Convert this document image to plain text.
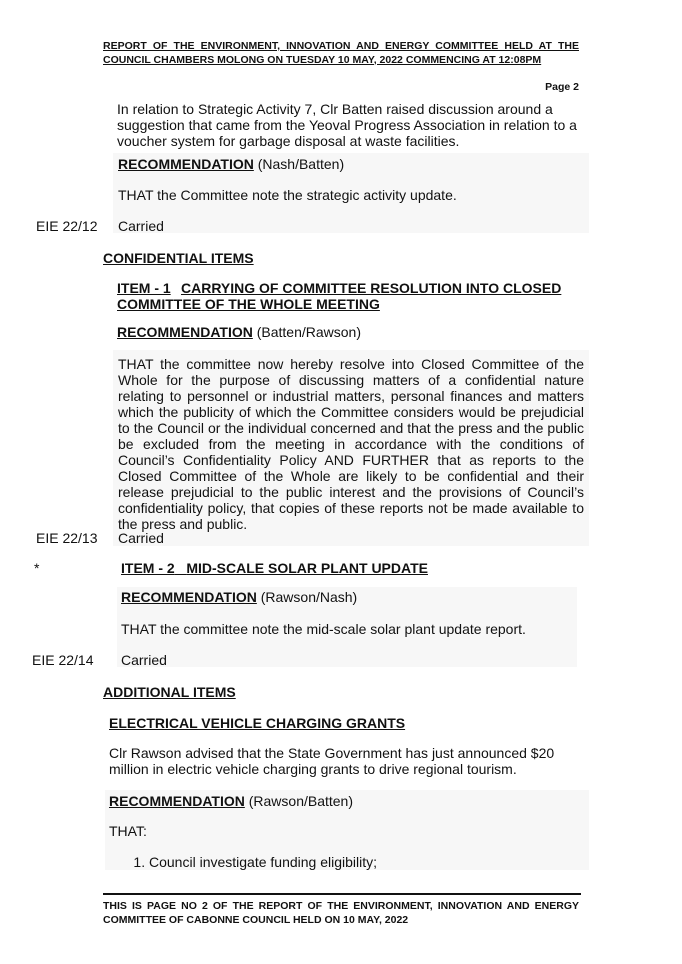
REPORT OF THE ENVIRONMENT, INNOVATION AND ENERGY COMMITTEE HELD AT THE COUNCIL CHAMBERS MOLONG ON TUESDAY 10 MAY, 2022 COMMENCING AT 12:08PM
Page 2
In relation to Strategic Activity 7, Clr Batten raised discussion around a suggestion that came from the Yeoval Progress Association in relation to a voucher system for garbage disposal at waste facilities.
RECOMMENDATION (Nash/Batten)
THAT the Committee note the strategic activity update.
Carried
EIE 22/12
CONFIDENTIAL ITEMS
ITEM - 1 CARRYING OF COMMITTEE RESOLUTION INTO CLOSED COMMITTEE OF THE WHOLE MEETING
RECOMMENDATION (Batten/Rawson)
THAT the committee now hereby resolve into Closed Committee of the Whole for the purpose of discussing matters of a confidential nature relating to personnel or industrial matters, personal finances and matters which the publicity of which the Committee considers would be prejudicial to the Council or the individual concerned and that the press and the public be excluded from the meeting in accordance with the conditions of Council’s Confidentiality Policy AND FURTHER that as reports to the Closed Committee of the Whole are likely to be confidential and their release prejudicial to the public interest and the provisions of Council’s confidentiality policy, that copies of these reports not be made available to the press and public.
Carried
EIE 22/13
*	ITEM - 2 MID-SCALE SOLAR PLANT UPDATE
RECOMMENDATION (Rawson/Nash)
THAT the committee note the mid-scale solar plant update report.
Carried
EIE 22/14
ADDITIONAL ITEMS
ELECTRICAL VEHICLE CHARGING GRANTS
Clr Rawson advised that the State Government has just announced $20 million in electric vehicle charging grants to drive regional tourism.
RECOMMENDATION (Rawson/Batten)
THAT:
1. Council investigate funding eligibility;
THIS IS PAGE NO 2 OF THE REPORT OF THE ENVIRONMENT, INNOVATION AND ENERGY COMMITTEE OF CABONNE COUNCIL HELD ON 10 MAY, 2022
